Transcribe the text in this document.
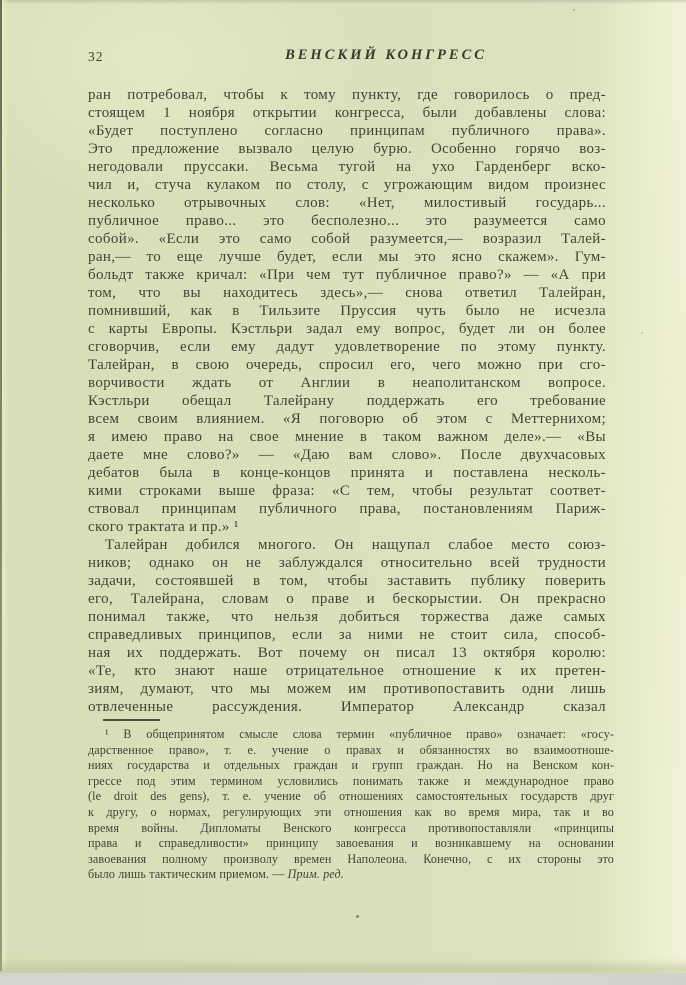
32	ВЕНСКИЙ КОНГРЕСС
ран потребовал, чтобы к тому пункту, где говорилось о пред-
стоящем 1 ноября открытии конгресса, были добавлены слова:
«Будет поступлено согласно принципам публичного права».
Это предложение вызвало целую бурю. Особенно горячо воз-
негодовали пруссаки. Весьма тугой на ухо Гарденберг вско-
чил и, стуча кулаком по столу, с угрожающим видом произнес
несколько отрывочных слов: «Нет, милостивый государь...
публичное право... это бесполезно... это разумеется само
собой». «Если это само собой разумеется,— возразил Талей-
ран,— то еще лучше будет, если мы это ясно скажем». Гум-
больдт также кричал: «При чем тут публичное право?» — «А при
том, что вы находитесь здесь»,— снова ответил Талейран,
помнивший, как в Тильзите Пруссия чуть было не исчезла
с карты Европы. Кэстльри задал ему вопрос, будет ли он более
сговорчив, если ему дадут удовлетворение по этому пункту.
Талейран, в свою очередь, спросил его, чего можно при сго-
ворчивости ждать от Англии в неаполитанском вопросе.
Кэстльри обещал Талейрану поддержать его требование
всем своим влиянием. «Я поговорю об этом с Меттернихом;
я имею право на свое мнение в таком важном деле».— «Вы
даете мне слово?» — «Даю вам слово». После двухчасовых
дебатов была в конце-концов принята и поставлена несколь-
кими строками выше фраза: «С тем, чтобы результат соответ-
ствовал принципам публичного права, постановлениям Париж-
ского трактата и пр.» ¹
Талейран добился многого. Он нащупал слабое место союз-
ников; однако он не заблуждался относительно всей трудности
задачи, состоявшей в том, чтобы заставить публику поверить
его, Талейрана, словам о праве и бескорыстии. Он прекрасно
понимал также, что нельзя добиться торжества даже самых
справедливых принципов, если за ними не стоит сила, способ-
ная их поддержать. Вот почему он писал 13 октября королю:
«Те, кто знают наше отрицательное отношение к их претен-
зиям, думают, что мы можем им противопоставить одни лишь
отвлеченные рассуждения. Император Александр сказал
¹ В общепринятом смысле слова термин «публичное право» означает: «госу-
дарственное право», т. е. учение о правах и обязанностях во взаимоотноше-
ниях государства и отдельных граждан и групп граждан. Но на Венском кон-
грессе под этим термином условились понимать также и международное право
(le droit des gens), т. е. учение об отношениях самостоятельных государств друг
к другу, о нормах, регулирующих эти отношения как во время мира, так и во
время войны. Дипломаты Венского конгресса противопоставляли «принципы
права и справедливости» принципу завоевания и возникавшему на основании
завоевания полному произволу времен Наполеона. Конечно, с их стороны это
было лишь тактическим приемом. — Прим. ред.
